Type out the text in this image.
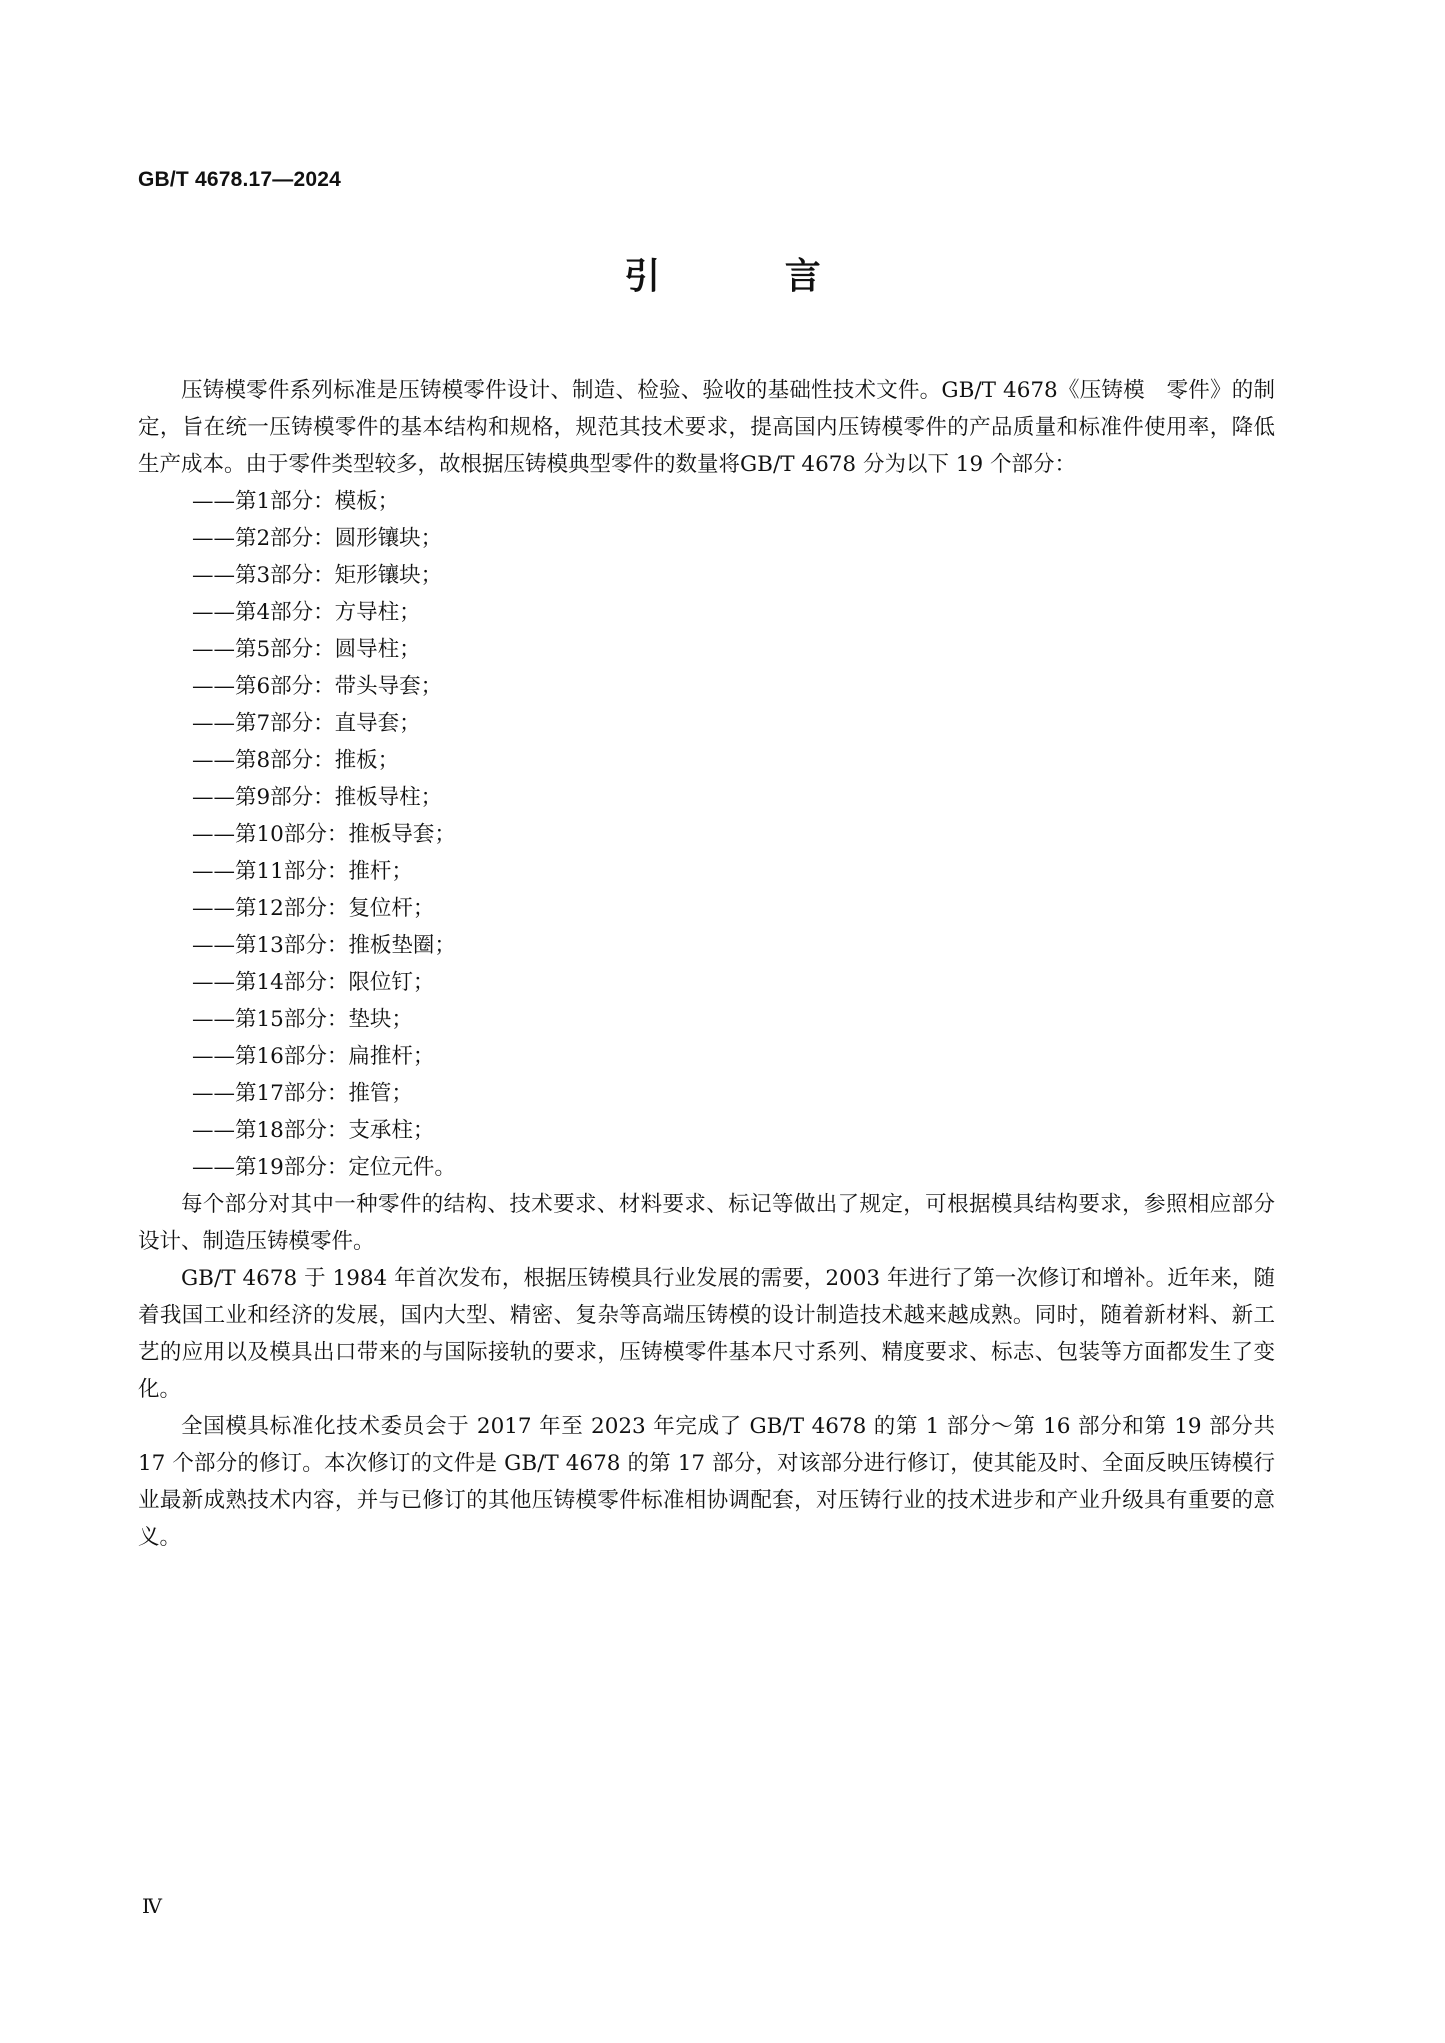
GB/T 4678.17—2024
引 言

压铸模零件系列标准是压铸模零件设计、制造、检验、验收的基础性技术文件。GB/T 4678《压铸模　零件》的制定，旨在统一压铸模零件的基本结构和规格，规范其技术要求，提高国内压铸模零件的产品质量和标准件使用率，降低生产成本。由于零件类型较多，故根据压铸模典型零件的数量将GB/T 4678 分为以下 19 个部分：

——第1部分：模板；
——第2部分：圆形镶块；
——第3部分：矩形镶块；
——第4部分：方导柱；
——第5部分：圆导柱；
——第6部分：带头导套；
——第7部分：直导套；
——第8部分：推板；
——第9部分：推板导柱；
——第10部分：推板导套；
——第11部分：推杆；
——第12部分：复位杆；
——第13部分：推板垫圈；
——第14部分：限位钉；
——第15部分：垫块；
——第16部分：扁推杆；
——第17部分：推管；
——第18部分：支承柱；
——第19部分：定位元件。

每个部分对其中一种零件的结构、技术要求、材料要求、标记等做出了规定，可根据模具结构要求，参照相应部分设计、制造压铸模零件。

GB/T 4678 于 1984 年首次发布，根据压铸模具行业发展的需要，2003 年进行了第一次修订和增补。近年来，随着我国工业和经济的发展，国内大型、精密、复杂等高端压铸模的设计制造技术越来越成熟。同时，随着新材料、新工艺的应用以及模具出口带来的与国际接轨的要求，压铸模零件基本尺寸系列、精度要求、标志、包装等方面都发生了变化。

全国模具标准化技术委员会于 2017 年至 2023 年完成了 GB/T 4678 的第 1 部分～第 16 部分和第 19 部分共 17 个部分的修订。本次修订的文件是 GB/T 4678 的第 17 部分，对该部分进行修订，使其能及时、全面反映压铸模行业最新成熟技术内容，并与已修订的其他压铸模零件标准相协调配套，对压铸行业的技术进步和产业升级具有重要的意义。

Ⅳ
